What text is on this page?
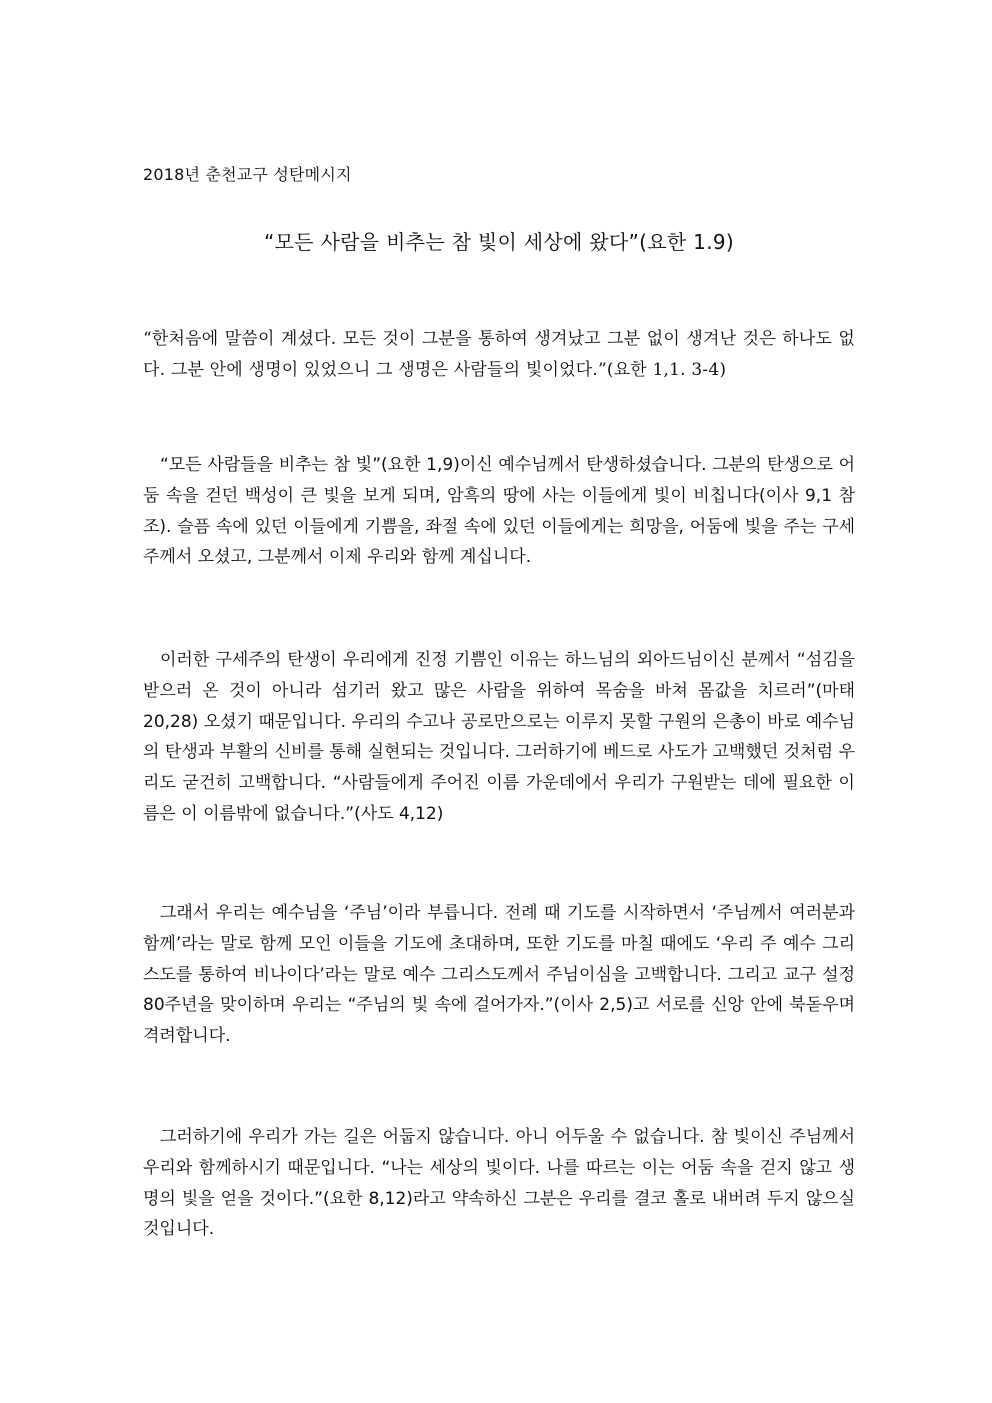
2018년 춘천교구 성탄메시지
“모든 사람을 비추는 참 빛이 세상에 왔다”(요한 1.9)

“한처음에 말씀이 계셨다. 모든 것이 그분을 통하여 생겨났고 그분 없이 생겨난 것은 하나도 없다. 그분 안에 생명이 있었으니 그 생명은 사람들의 빛이었다.”(요한 1,1. 3-4)

“모든 사람들을 비추는 참 빛”(요한 1,9)이신 예수님께서 탄생하셨습니다. 그분의 탄생으로 어둠 속을 걷던 백성이 큰 빛을 보게 되며, 암흑의 땅에 사는 이들에게 빛이 비칩니다(이사 9,1 참조). 슬픔 속에 있던 이들에게 기쁨을, 좌절 속에 있던 이들에게는 희망을, 어둠에 빛을 주는 구세주께서 오셨고, 그분께서 이제 우리와 함께 계십니다.

이러한 구세주의 탄생이 우리에게 진정 기쁨인 이유는 하느님의 외아드님이신 분께서 “섬김을 받으러 온 것이 아니라 섬기러 왔고 많은 사람을 위하여 목숨을 바쳐 몸값을 치르러”(마태 20,28) 오셨기 때문입니다. 우리의 수고나 공로만으로는 이루지 못할 구원의 은총이 바로 예수님의 탄생과 부활의 신비를 통해 실현되는 것입니다. 그러하기에 베드로 사도가 고백했던 것처럼 우리도 굳건히 고백합니다. “사람들에게 주어진 이름 가운데에서 우리가 구원받는 데에 필요한 이름은 이 이름밖에 없습니다.”(사도 4,12)

그래서 우리는 예수님을 ‘주님’이라 부릅니다. 전례 때 기도를 시작하면서 ‘주님께서 여러분과 함께’라는 말로 함께 모인 이들을 기도에 초대하며, 또한 기도를 마칠 때에도 ‘우리 주 예수 그리스도를 통하여 비나이다’라는 말로 예수 그리스도께서 주님이심을 고백합니다. 그리고 교구 설정 80주년을 맞이하며 우리는 “주님의 빛 속에 걸어가자.”(이사 2,5)고 서로를 신앙 안에 북돋우며 격려합니다.

그러하기에 우리가 가는 길은 어둡지 않습니다. 아니 어두울 수 없습니다. 참 빛이신 주님께서 우리와 함께하시기 때문입니다. “나는 세상의 빛이다. 나를 따르는 이는 어둠 속을 걷지 않고 생명의 빛을 얻을 것이다.”(요한 8,12)라고 약속하신 그분은 우리를 결코 홀로 내버려 두지 않으실 것입니다.
